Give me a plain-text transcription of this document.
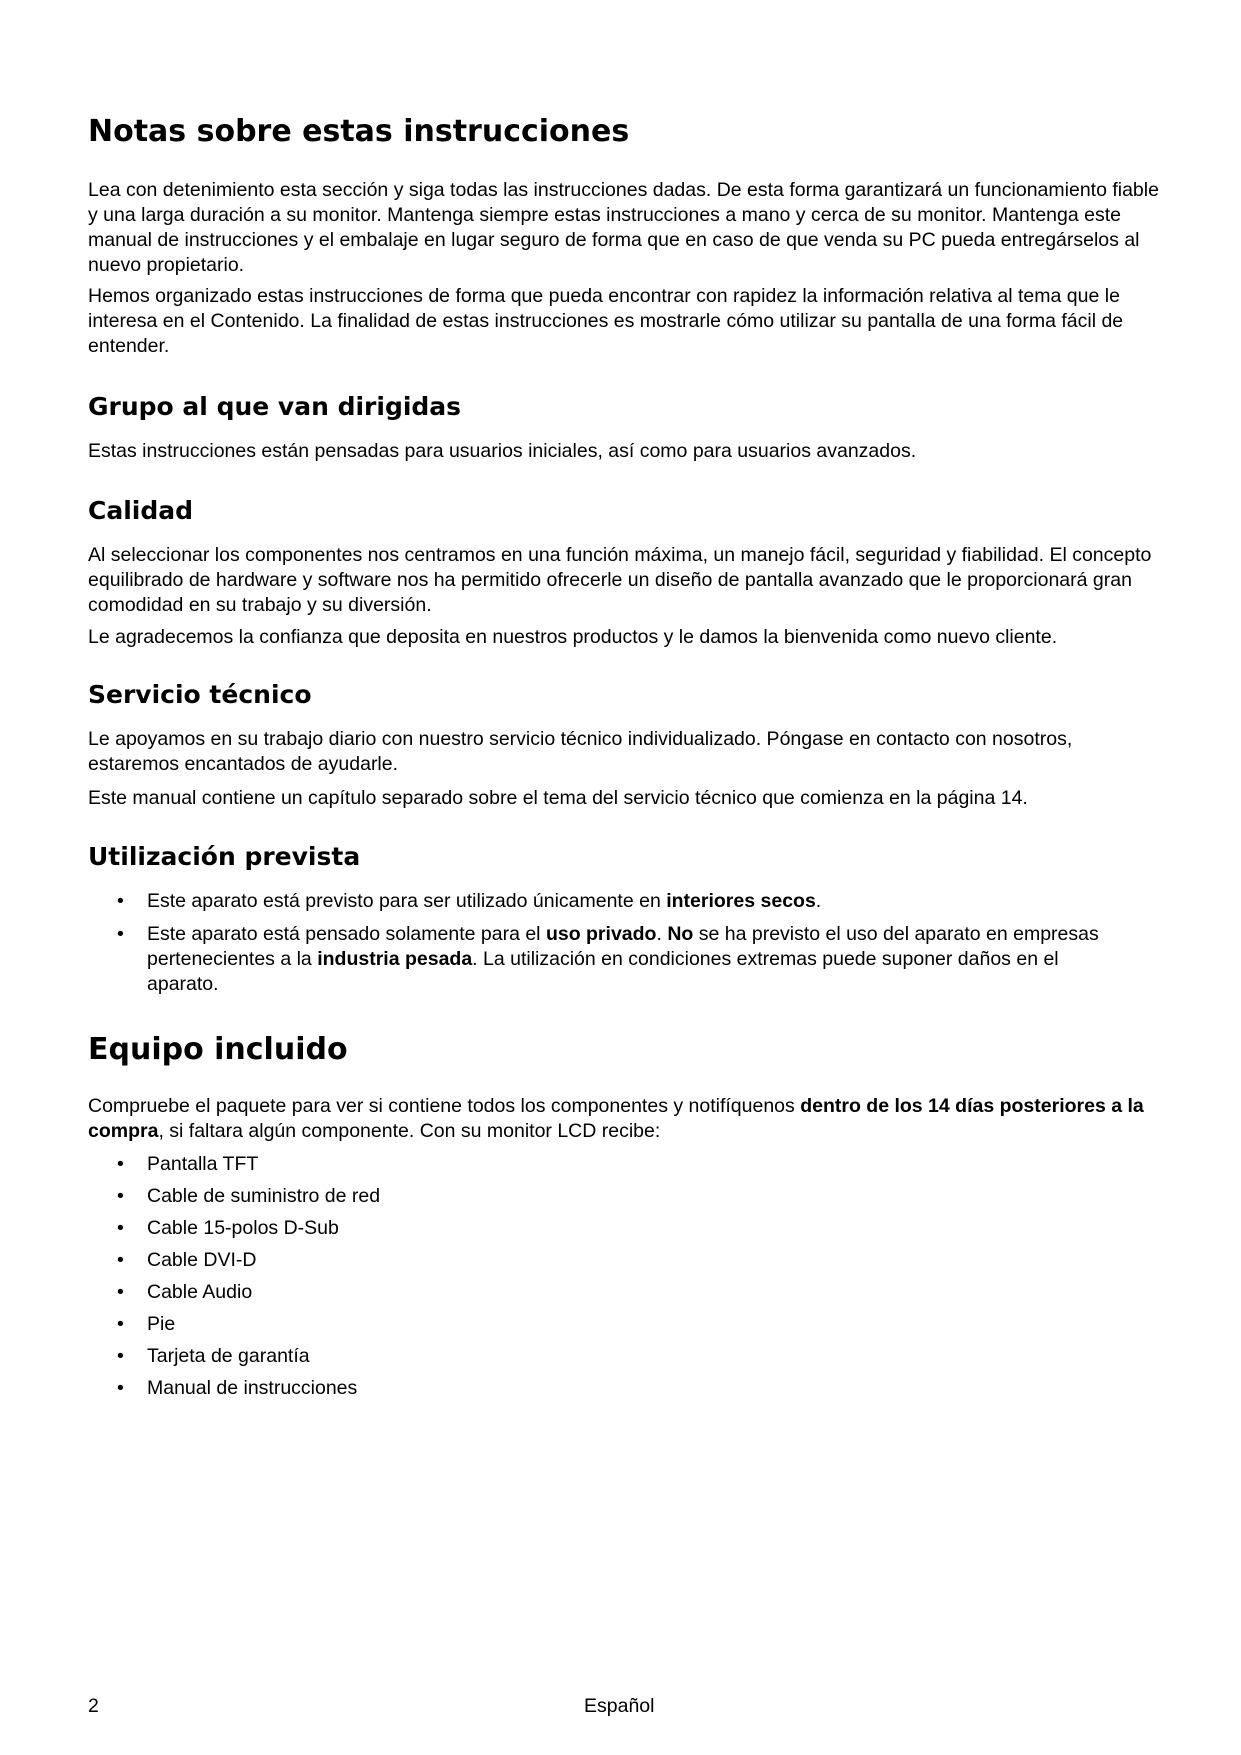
Notas sobre estas instrucciones

Lea con detenimiento esta sección y siga todas las instrucciones dadas. De esta forma garantizará un funcionamiento fiable y una larga duración a su monitor. Mantenga siempre estas instrucciones a mano y cerca de su monitor. Mantenga este manual de instrucciones y el embalaje en lugar seguro de forma que en caso de que venda su PC pueda entregárselos al nuevo propietario.

Hemos organizado estas instrucciones de forma que pueda encontrar con rapidez la información relativa al tema que le interesa en el Contenido. La finalidad de estas instrucciones es mostrarle cómo utilizar su pantalla de una forma fácil de entender.

Grupo al que van dirigidas

Estas instrucciones están pensadas para usuarios iniciales, así como para usuarios avanzados.

Calidad

Al seleccionar los componentes nos centramos en una función máxima, un manejo fácil, seguridad y fiabilidad. El concepto equilibrado de hardware y software nos ha permitido ofrecerle un diseño de pantalla avanzado que le proporcionará gran comodidad en su trabajo y su diversión.

Le agradecemos la confianza que deposita en nuestros productos y le damos la bienvenida como nuevo cliente.

Servicio técnico

Le apoyamos en su trabajo diario con nuestro servicio técnico individualizado. Póngase en contacto con nosotros, estaremos encantados de ayudarle.

Este manual contiene un capítulo separado sobre el tema del servicio técnico que comienza en la página 14.

Utilización prevista
• Este aparato está previsto para ser utilizado únicamente en interiores secos.
• Este aparato está pensado solamente para el uso privado. No se ha previsto el uso del aparato en empresas pertenecientes a la industria pesada. La utilización en condiciones extremas puede suponer daños en el aparato.
Equipo incluido

Compruebe el paquete para ver si contiene todos los componentes y notifíquenos dentro de los 14 días posteriores a la compra, si faltara algún componente. Con su monitor LCD recibe:

• Pantalla TFT
• Cable de suministro de red
• Cable 15-polos D-Sub
• Cable DVI-D
• Cable Audio
• Pie
• Tarjeta de garantía
• Manual de instrucciones
2	Español
